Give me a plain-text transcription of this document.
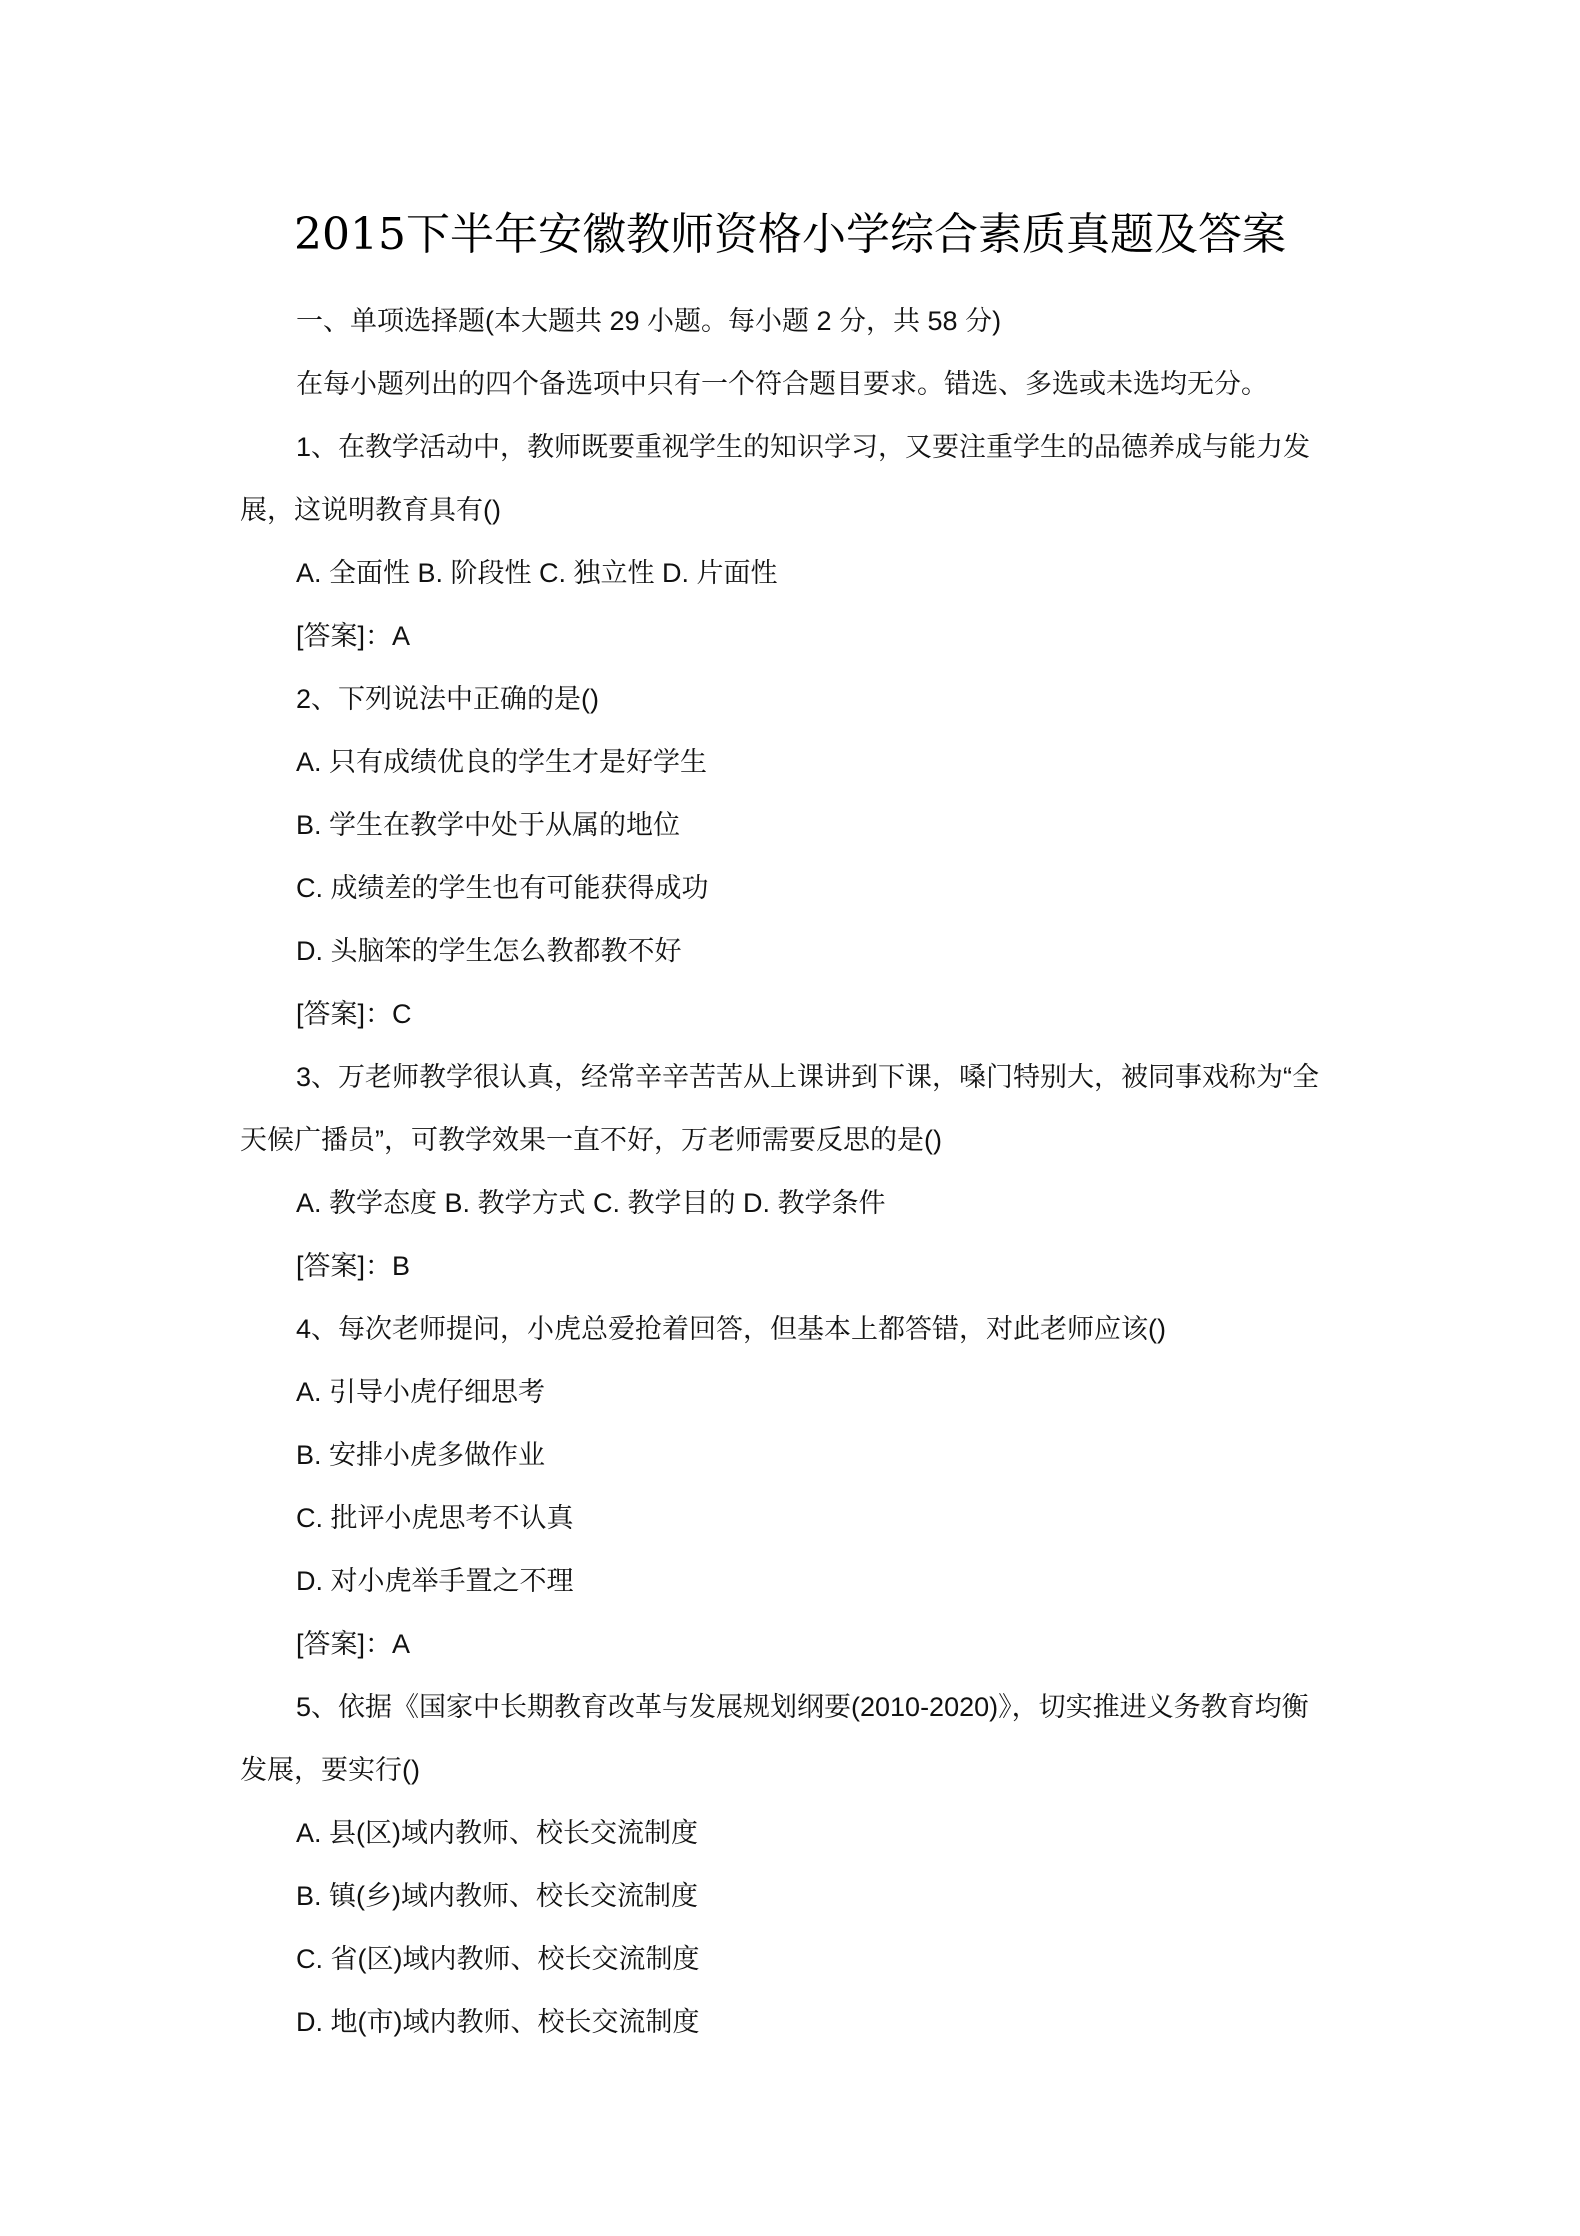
2015下半年安徽教师资格小学综合素质真题及答案
一、单项选择题(本大题共 29 小题。每小题 2 分，共 58 分)
在每小题列出的四个备选项中只有一个符合题目要求。错选、多选或未选均无分。
1、在教学活动中，教师既要重视学生的知识学习，又要注重学生的品德养成与能力发
展，这说明教育具有()
A. 全面性 B. 阶段性 C. 独立性 D. 片面性
[答案]：A
2、下列说法中正确的是()
A. 只有成绩优良的学生才是好学生
B. 学生在教学中处于从属的地位
C. 成绩差的学生也有可能获得成功
D. 头脑笨的学生怎么教都教不好
[答案]：C
3、万老师教学很认真，经常辛辛苦苦从上课讲到下课，嗓门特别大，被同事戏称为“全
天候广播员”，可教学效果一直不好，万老师需要反思的是()
A. 教学态度 B. 教学方式 C. 教学目的 D. 教学条件
[答案]：B
4、每次老师提问，小虎总爱抢着回答，但基本上都答错，对此老师应该()
A. 引导小虎仔细思考
B. 安排小虎多做作业
C. 批评小虎思考不认真
D. 对小虎举手置之不理
[答案]：A
5、依据《国家中长期教育改革与发展规划纲要(2010-2020)》，切实推进义务教育均衡
发展，要实行()
A. 县(区)域内教师、校长交流制度
B. 镇(乡)域内教师、校长交流制度
C. 省(区)域内教师、校长交流制度
D. 地(市)域内教师、校长交流制度
